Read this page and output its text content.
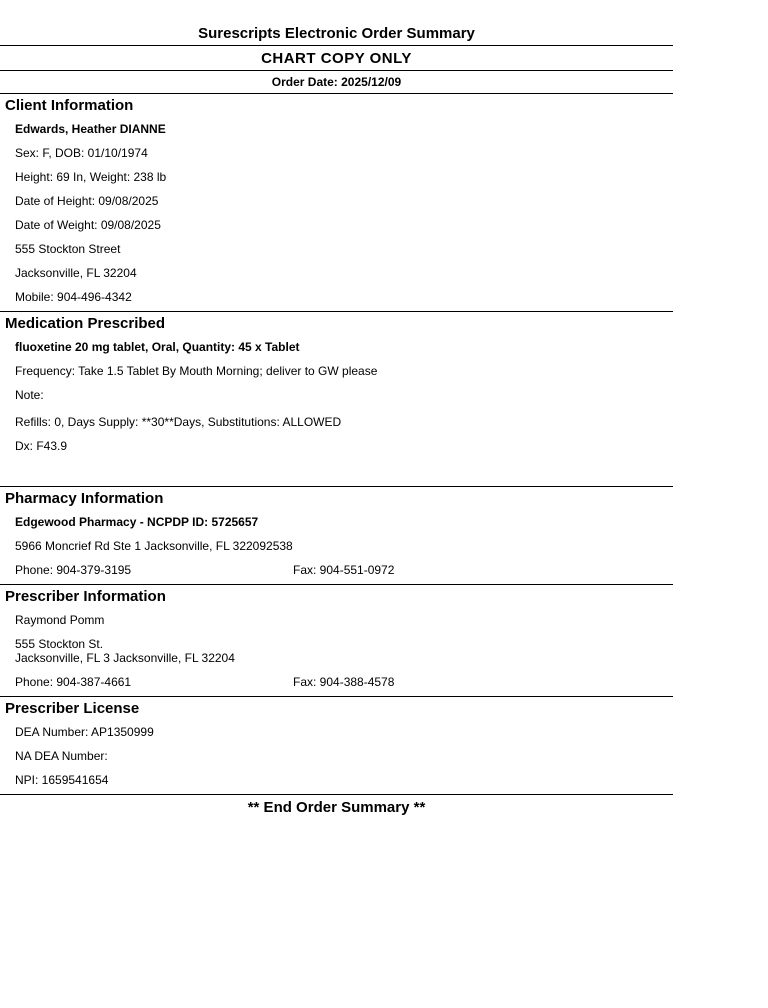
Surescripts Electronic Order Summary
CHART COPY ONLY
Order Date: 2025/12/09
Client Information
Edwards, Heather DIANNE
Sex: F, DOB: 01/10/1974
Height: 69 In, Weight: 238 lb
Date of Height: 09/08/2025
Date of Weight: 09/08/2025
555 Stockton Street
Jacksonville, FL 32204
Mobile: 904-496-4342
Medication Prescribed
fluoxetine 20 mg tablet, Oral, Quantity: 45 x Tablet
Frequency: Take 1.5 Tablet By Mouth Morning; deliver to GW please
Note:
Refills: 0, Days Supply: **30**Days, Substitutions: ALLOWED
Dx: F43.9
Pharmacy Information
Edgewood Pharmacy - NCPDP ID: 5725657
5966 Moncrief Rd Ste 1 Jacksonville, FL 322092538
Phone: 904-379-3195	Fax: 904-551-0972
Prescriber Information
Raymond Pomm
555 Stockton St.
Jacksonville, FL 3 Jacksonville, FL 32204
Phone: 904-387-4661	Fax: 904-388-4578
Prescriber License
DEA Number: AP1350999
NA DEA Number:
NPI: 1659541654
** End Order Summary **
